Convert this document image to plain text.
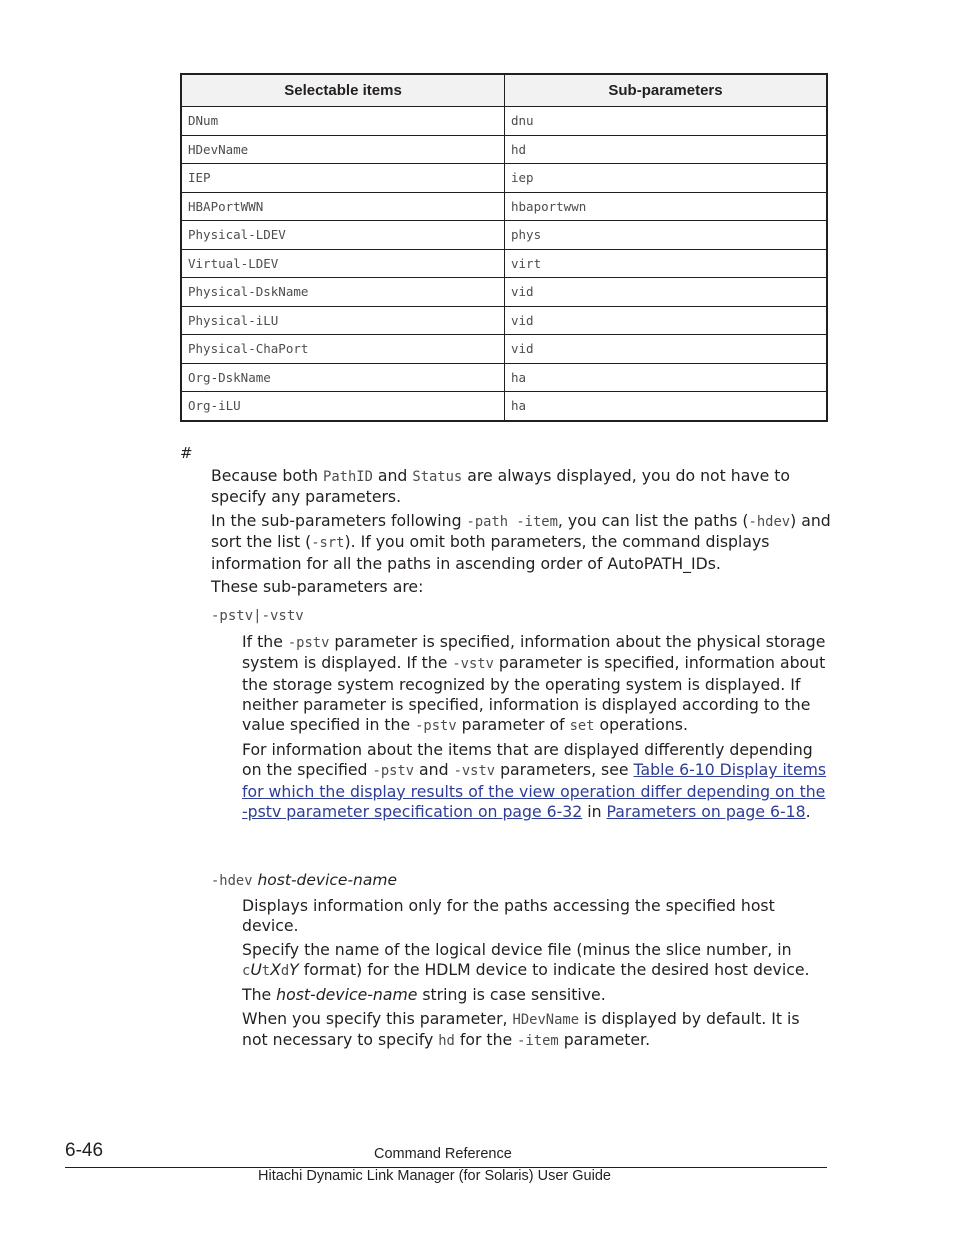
Selectable items	Sub-parameters
DNum	dnu
HDevName	hd
IEP	iep
HBAPortWWN	hbaportwwn
Physical-LDEV	phys
Virtual-LDEV	virt
Physical-DskName	vid
Physical-iLU	vid
Physical-ChaPort	vid
Org-DskName	ha
Org-iLU	ha
#

Because both PathID and Status are always displayed, you do not have to specify any parameters.

In the sub-parameters following -path -item, you can list the paths (-hdev) and sort the list (-srt). If you omit both parameters, the command displays information for all the paths in ascending order of AutoPATH_IDs.

These sub-parameters are:

-pstv|-vstv

If the -pstv parameter is specified, information about the physical storage system is displayed. If the -vstv parameter is specified, information about the storage system recognized by the operating system is displayed. If neither parameter is specified, information is displayed according to the value specified in the -pstv parameter of set operations.

For information about the items that are displayed differently depending on the specified -pstv and -vstv parameters, see Table 6-10 Display items for which the display results of the view operation differ depending on the -pstv parameter specification on page 6-32 in Parameters on page 6-18.

-hdev host-device-name

Displays information only for the paths accessing the specified host device.

Specify the name of the logical device file (minus the slice number, in cUtXdY format) for the HDLM device to indicate the desired host device.

The host-device-name string is case sensitive.

When you specify this parameter, HDevName is displayed by default. It is not necessary to specify hd for the -item parameter.

6-46	Command Reference
Hitachi Dynamic Link Manager (for Solaris) User Guide
